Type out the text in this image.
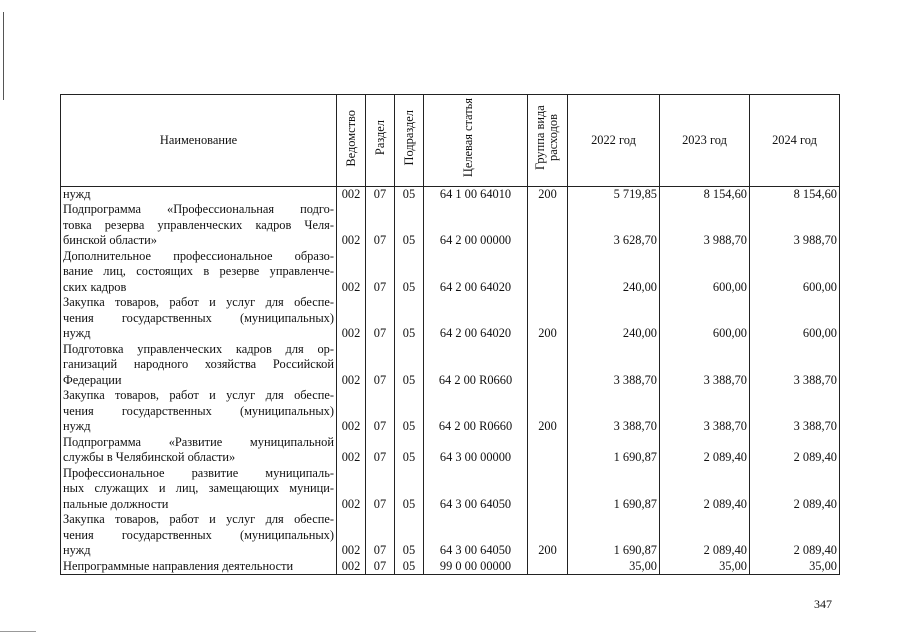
Наименование	Ведомство	Раздел	Подраздел	Целевая статья	Группа вида расходов	2022 год	2023 год	2024 год

нужд	002	07	05	64 1 00 64010	200	5 719,85	8 154,60	8 154,60

Подпрограмма «Профессиональная подго-
товка резерва управленческих кадров Челя-
бинской области»	002	07	05	64 2 00 00000		3 628,70	3 988,70	3 988,70

Дополнительное профессиональное образо-
вание лиц, состоящих в резерве управленче-
ских кадров	002	07	05	64 2 00 64020		240,00	600,00	600,00

Закупка товаров, работ и услуг для обеспе-
чения государственных (муниципальных)
нужд	002	07	05	64 2 00 64020	200	240,00	600,00	600,00

Подготовка управленческих кадров для ор-
ганизаций народного хозяйства Российской
Федерации	002	07	05	64 2 00 R0660		3 388,70	3 388,70	3 388,70

Закупка товаров, работ и услуг для обеспе-
чения государственных (муниципальных)
нужд	002	07	05	64 2 00 R0660	200	3 388,70	3 388,70	3 388,70

Подпрограмма «Развитие муниципальной
службы в Челябинской области»	002	07	05	64 3 00 00000		1 690,87	2 089,40	2 089,40

Профессиональное развитие муниципаль-
ных служащих и лиц, замещающих муници-
пальные должности	002	07	05	64 3 00 64050		1 690,87	2 089,40	2 089,40

Закупка товаров, работ и услуг для обеспе-
чения государственных (муниципальных)
нужд	002	07	05	64 3 00 64050	200	1 690,87	2 089,40	2 089,40

Непрограммные направления деятельности	002	07	05	99 0 00 00000		35,00	35,00	35,00
347
